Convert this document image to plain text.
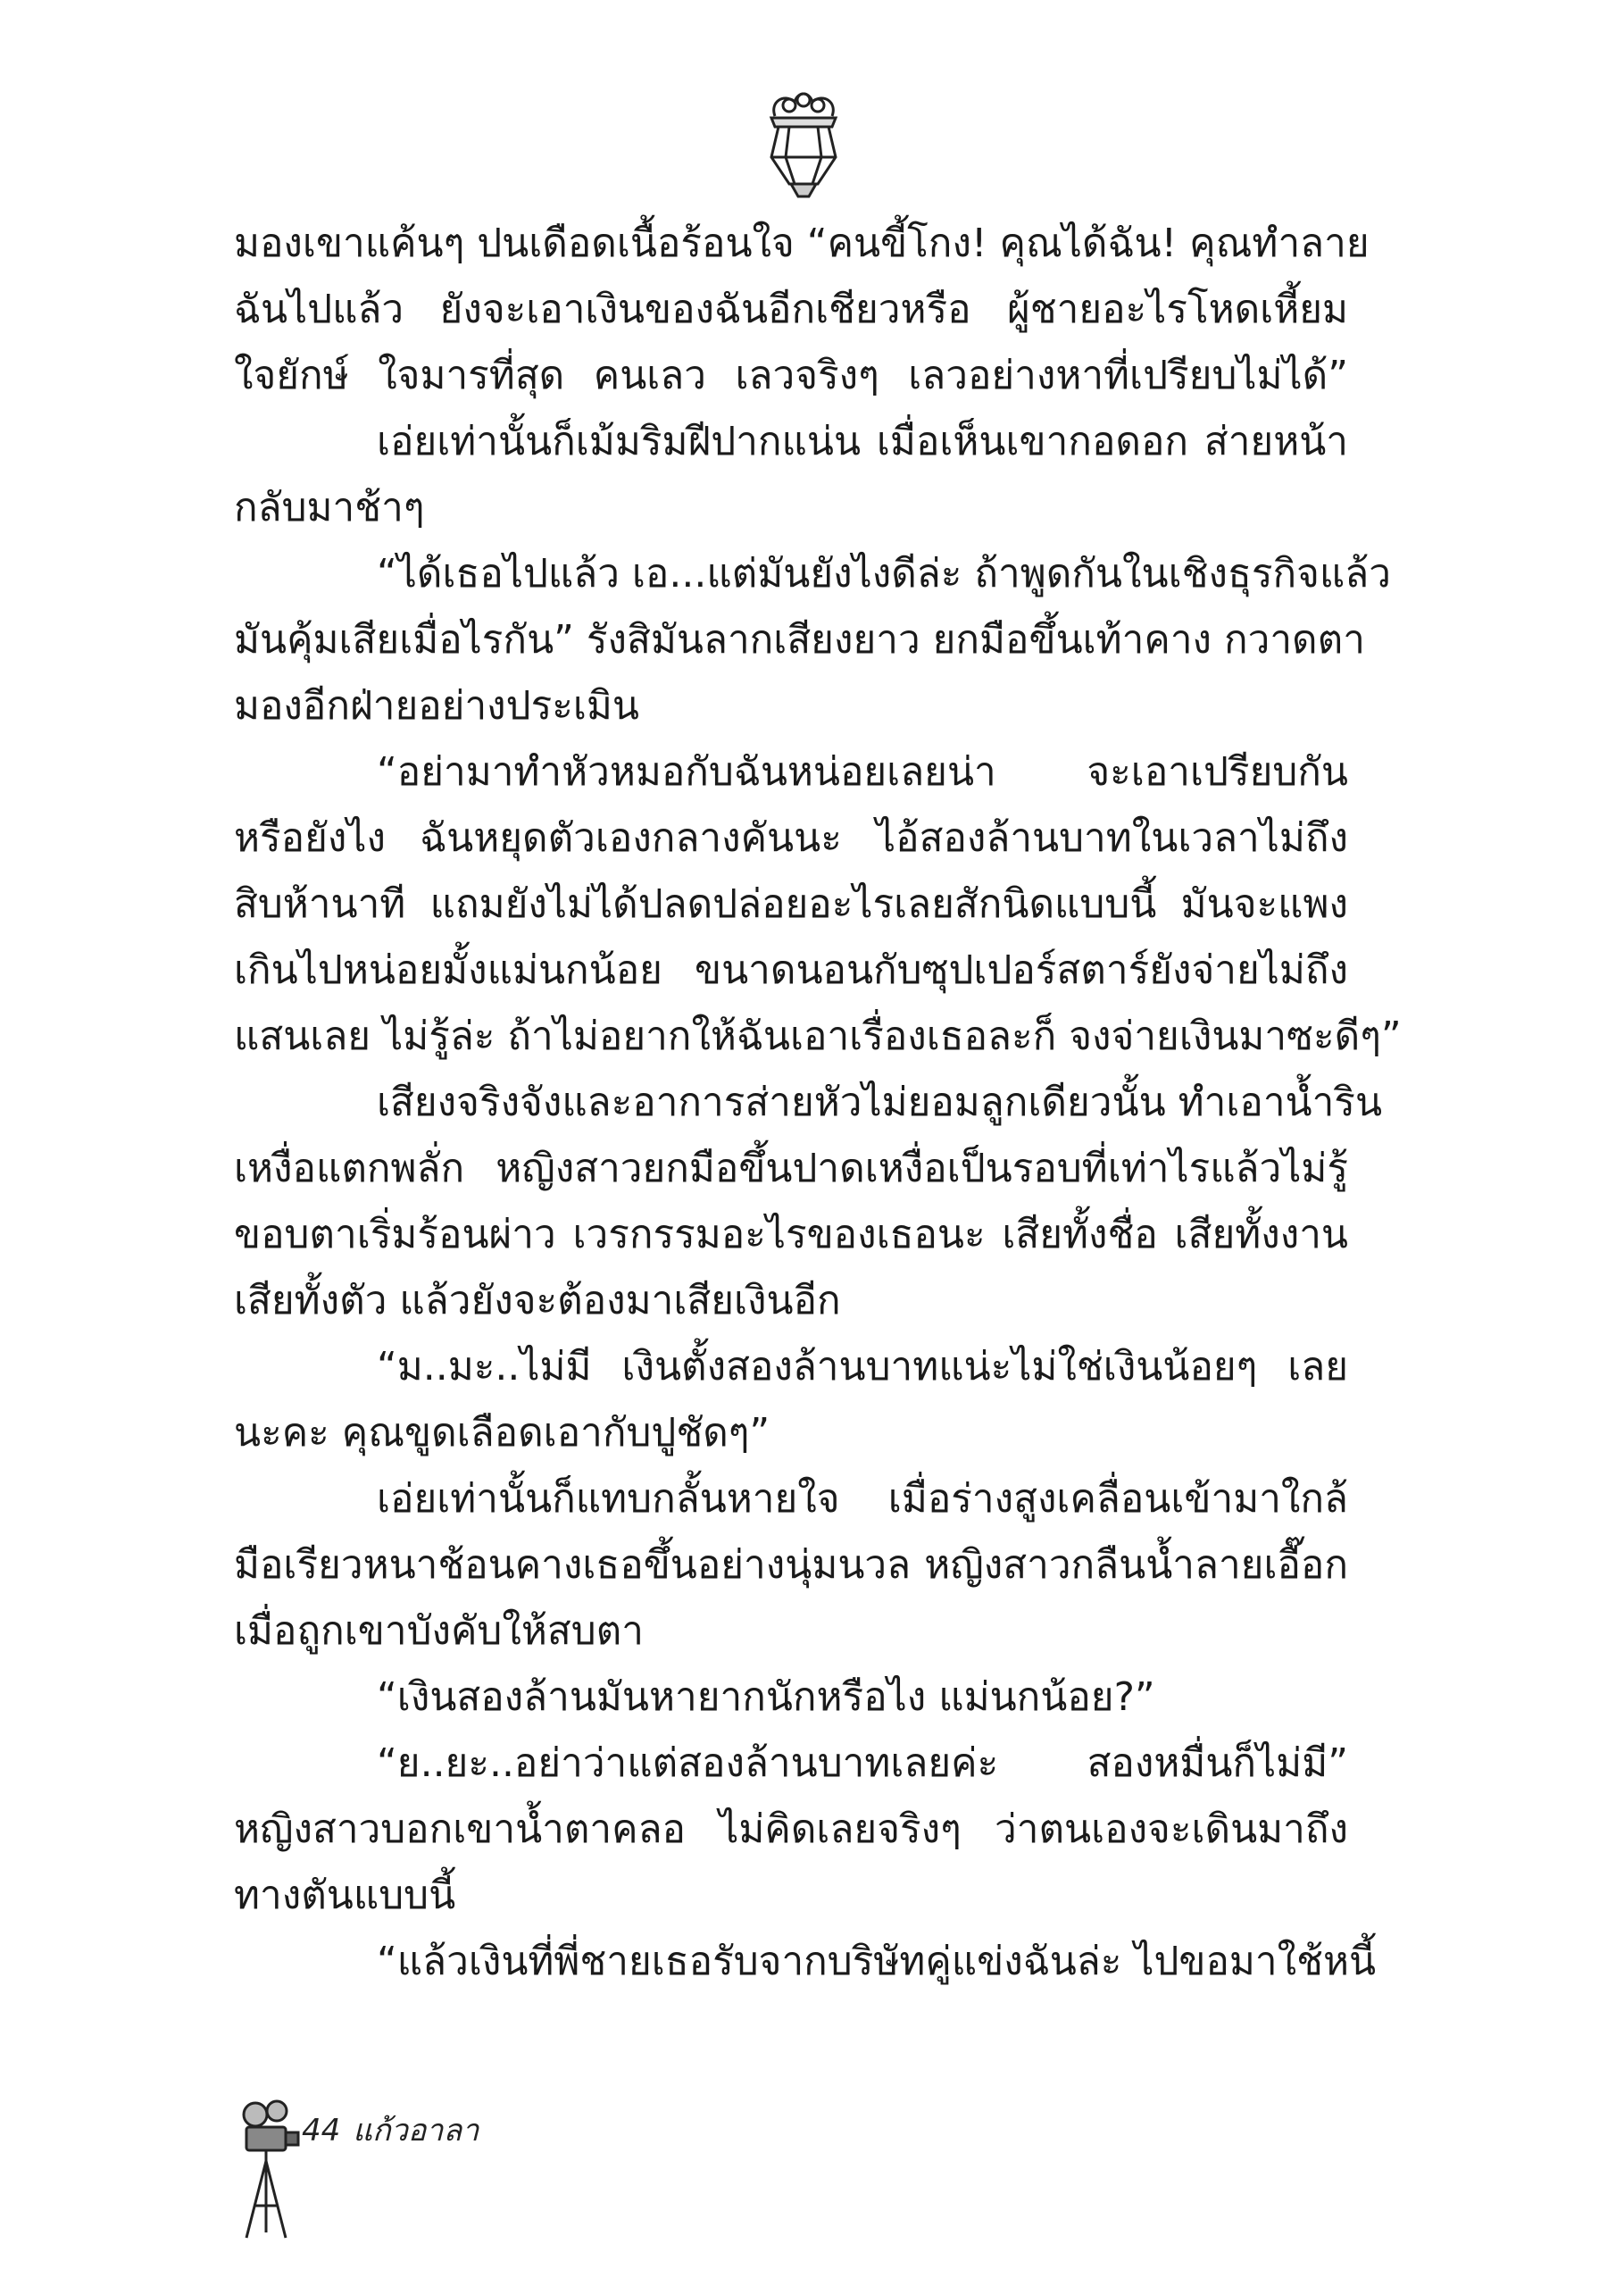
มองเขาแค้นๆ ปนเดือดเนื้อร้อนใจ “คนขี้โกง! คุณได้ฉัน! คุณทำลาย
ฉันไปแล้ว ยังจะเอาเงินของฉันอีกเชียวหรือ ผู้ชายอะไรโหดเหี้ยม
ใจยักษ์ ใจมารที่สุด คนเลว เลวจริงๆ เลวอย่างหาที่เปรียบไม่ได้”
เอ่ยเท่านั้นก็เม้มริมฝีปากแน่น เมื่อเห็นเขากอดอก ส่ายหน้า
กลับมาช้าๆ
“ได้เธอไปแล้ว เอ...แต่มันยังไงดีล่ะ ถ้าพูดกันในเชิงธุรกิจแล้ว
มันคุ้มเสียเมื่อไรกัน” รังสิมันลากเสียงยาว ยกมือขึ้นเท้าคาง กวาดตา
มองอีกฝ่ายอย่างประเมิน
“อย่ามาทำหัวหมอกับฉันหน่อยเลยน่า จะเอาเปรียบกัน
หรือยังไง ฉันหยุดตัวเองกลางคันนะ ไอ้สองล้านบาทในเวลาไม่ถึง
สิบห้านาที แถมยังไม่ได้ปลดปล่อยอะไรเลยสักนิดแบบนี้ มันจะแพง
เกินไปหน่อยมั้งแม่นกน้อย ขนาดนอนกับซุปเปอร์สตาร์ยังจ่ายไม่ถึง
แสนเลย ไม่รู้ล่ะ ถ้าไม่อยากให้ฉันเอาเรื่องเธอละก็ จงจ่ายเงินมาซะดีๆ”
เสียงจริงจังและอาการส่ายหัวไม่ยอมลูกเดียวนั้น ทำเอาน้ำริน
เหงื่อแตกพลั่ก หญิงสาวยกมือขึ้นปาดเหงื่อเป็นรอบที่เท่าไรแล้วไม่รู้
ขอบตาเริ่มร้อนผ่าว เวรกรรมอะไรของเธอนะ เสียทั้งชื่อ เสียทั้งงาน
เสียทั้งตัว แล้วยังจะต้องมาเสียเงินอีก
“ม..มะ..ไม่มี เงินตั้งสองล้านบาทแน่ะไม่ใช่เงินน้อยๆ เลย
นะคะ คุณขูดเลือดเอากับปูชัดๆ”
เอ่ยเท่านั้นก็แทบกลั้นหายใจ เมื่อร่างสูงเคลื่อนเข้ามาใกล้
มือเรียวหนาช้อนคางเธอขึ้นอย่างนุ่มนวล หญิงสาวกลืนน้ำลายเอื๊อก
เมื่อถูกเขาบังคับให้สบตา
“เงินสองล้านมันหายากนักหรือไง แม่นกน้อย?”
“ย..ยะ..อย่าว่าแต่สองล้านบาทเลยค่ะ สองหมื่นก็ไม่มี”
หญิงสาวบอกเขาน้ำตาคลอ ไม่คิดเลยจริงๆ ว่าตนเองจะเดินมาถึง
ทางตันแบบนี้
“แล้วเงินที่พี่ชายเธอรับจากบริษัทคู่แข่งฉันล่ะ ไปขอมาใช้หนี้
44 แก้วอาลา
